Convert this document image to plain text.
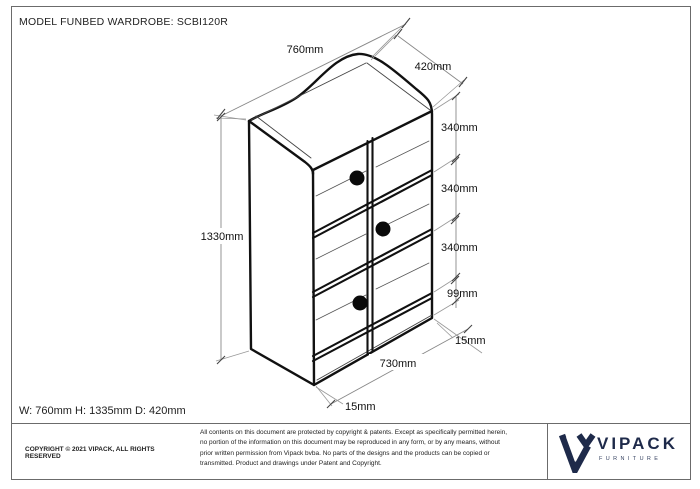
MODEL FUNBED WARDROBE: SCBI120R
760mm
420mm
340mm
340mm
340mm
99mm
15mm
1330mm
730mm
15mm
W: 760mm H: 1335mm D: 420mm
COPYRIGHT © 2021 VIPACK, ALL RIGHTS RESERVED
All contents on this document are protected by copyright & patents. Except as specifically permitted herein,
no portion of the information on this document may be reproduced in any form, or by any means, without
prior written permission from Vipack bvba. No parts of the designs and the products can be copied or
transmitted. Product and drawings under Patent and Copyright.
VIPACK
FURNITURE
